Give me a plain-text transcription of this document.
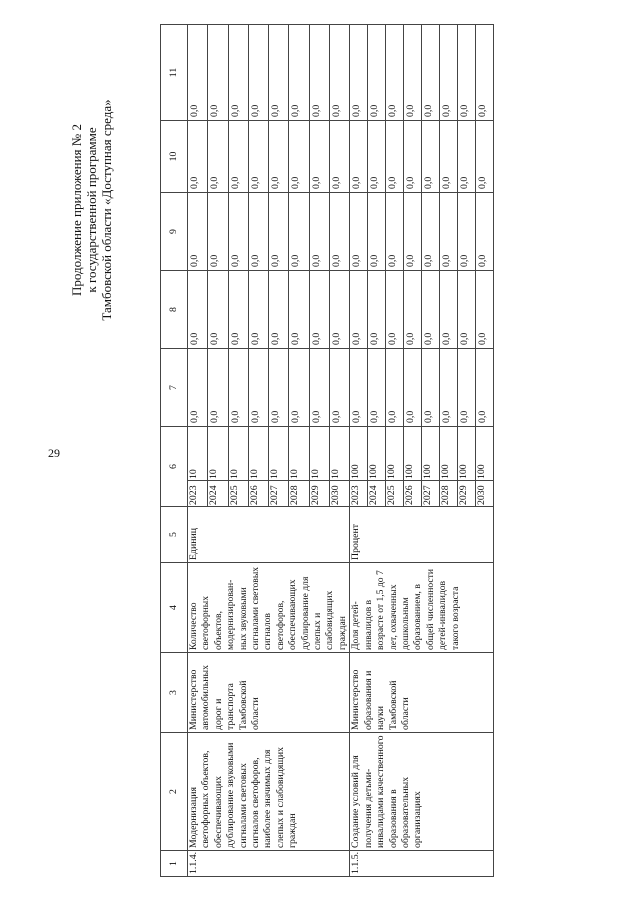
29
Продолжение приложения № 2 к государственной программе Тамбовской области «Доступная среда»
1	2	3	4	5	6		7	8	9	10	11
1.1.4.	Модернизация светофорных объектов, обеспечивающих дублирование звуковыми сигналами световых сигналов светофоров, наиболее значимых для слепых и слабовидящих граждан	Министерство автомобильных дорог и транспорта Тамбовской области	Количество светофорных объектов, модернизирован-ных звуковыми сигналами световых сигналов светофоров, обеспечивающих дублирование для слепых и слабовидящих граждан	Единиц	2023	10	0,0	0,0	0,0	0,0	0,0
					2024	10	0,0	0,0	0,0	0,0	0,0
					2025	10	0,0	0,0	0,0	0,0	0,0
					2026	10	0,0	0,0	0,0	0,0	0,0
					2027	10	0,0	0,0	0,0	0,0	0,0
					2028	10	0,0	0,0	0,0	0,0	0,0
					2029	10	0,0	0,0	0,0	0,0	0,0
					2030	10	0,0	0,0	0,0	0,0	0,0
1.1.5.	Создание условий для получения детьми-инвалидами качественного образования в образовательных организациях	Министерство образования и науки Тамбовской области	Доля детей-инвалидов в возрасте от 1,5 до 7 лет, охваченных дошкольным образованием, в общей численности детей-инвалидов такого возраста	Процент	2023	100	0,0	0,0	0,0	0,0	0,0
					2024	100	0,0	0,0	0,0	0,0	0,0
					2025	100	0,0	0,0	0,0	0,0	0,0
					2026	100	0,0	0,0	0,0	0,0	0,0
					2027	100	0,0	0,0	0,0	0,0	0,0
					2028	100	0,0	0,0	0,0	0,0	0,0
					2029	100	0,0	0,0	0,0	0,0	0,0
					2030	100	0,0	0,0	0,0	0,0	0,0
